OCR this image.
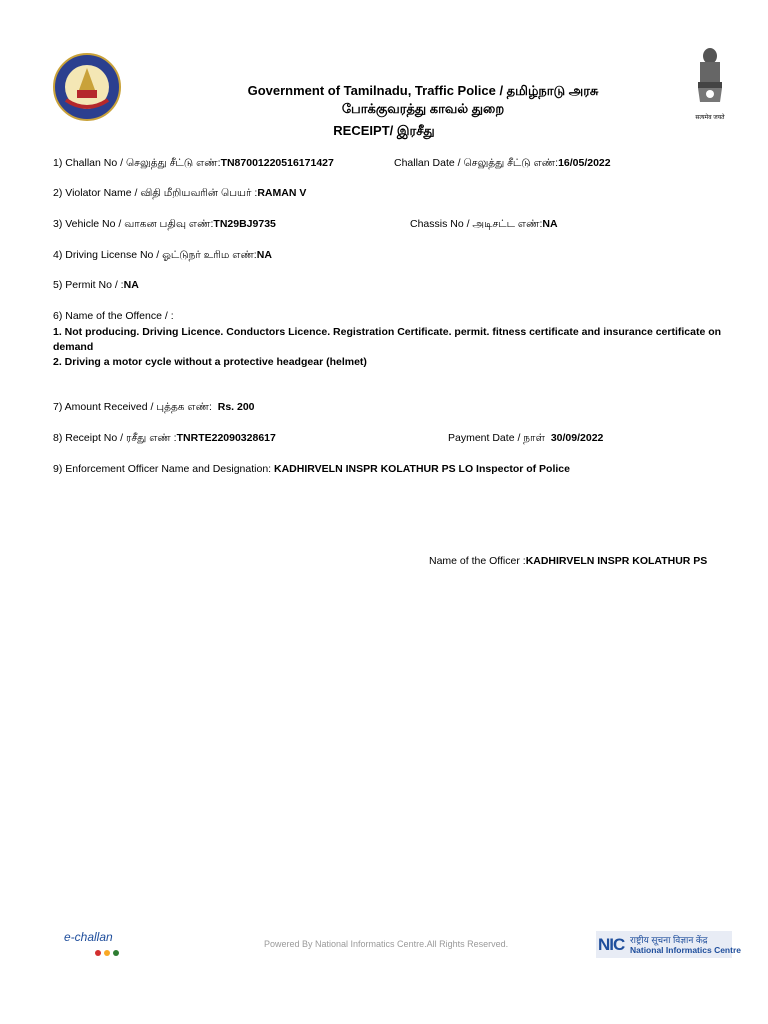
सत्यमेव जयते
Government of Tamilnadu, Traffic Police / தமிழ்நாடு அரசு
போக்குவரத்து காவல் துறை
RECEIPT/ இரசீது
1) Challan No / செலுத்து சீட்டு எண்:TN87001220516171427	Challan Date / செலுத்து சீட்டு எண்:16/05/2022
2) Violator Name / விதி மீறியவரின் பெயர் :RAMAN V
3) Vehicle No / வாகன பதிவு எண்:TN29BJ9735	Chassis No / அடிசட்ட எண்:NA
4) Driving License No / ஓட்டுநர் உரிம எண்:NA
5) Permit No / :NA
6) Name of the Offence / :
1. Not producing. Driving Licence. Conductors Licence. Registration Certificate. permit. fitness certificate and insurance certificate on demand
2. Driving a motor cycle without a protective headgear (helmet)
7) Amount Received / புத்தக எண்: Rs. 200
8) Receipt No / ரசீது எண் :TNRTE22090328617	Payment Date / நாள் 30/09/2022
9) Enforcement Officer Name and Designation: KADHIRVELN INSPR KOLATHUR PS LO Inspector of Police
Name of the Officer :KADHIRVELN INSPR KOLATHUR PS
e-challan	Powered By National Informatics Centre.All Rights Reserved.	NIC राष्ट्रीय सूचना विज्ञान केंद्र
National Informatics Centre
